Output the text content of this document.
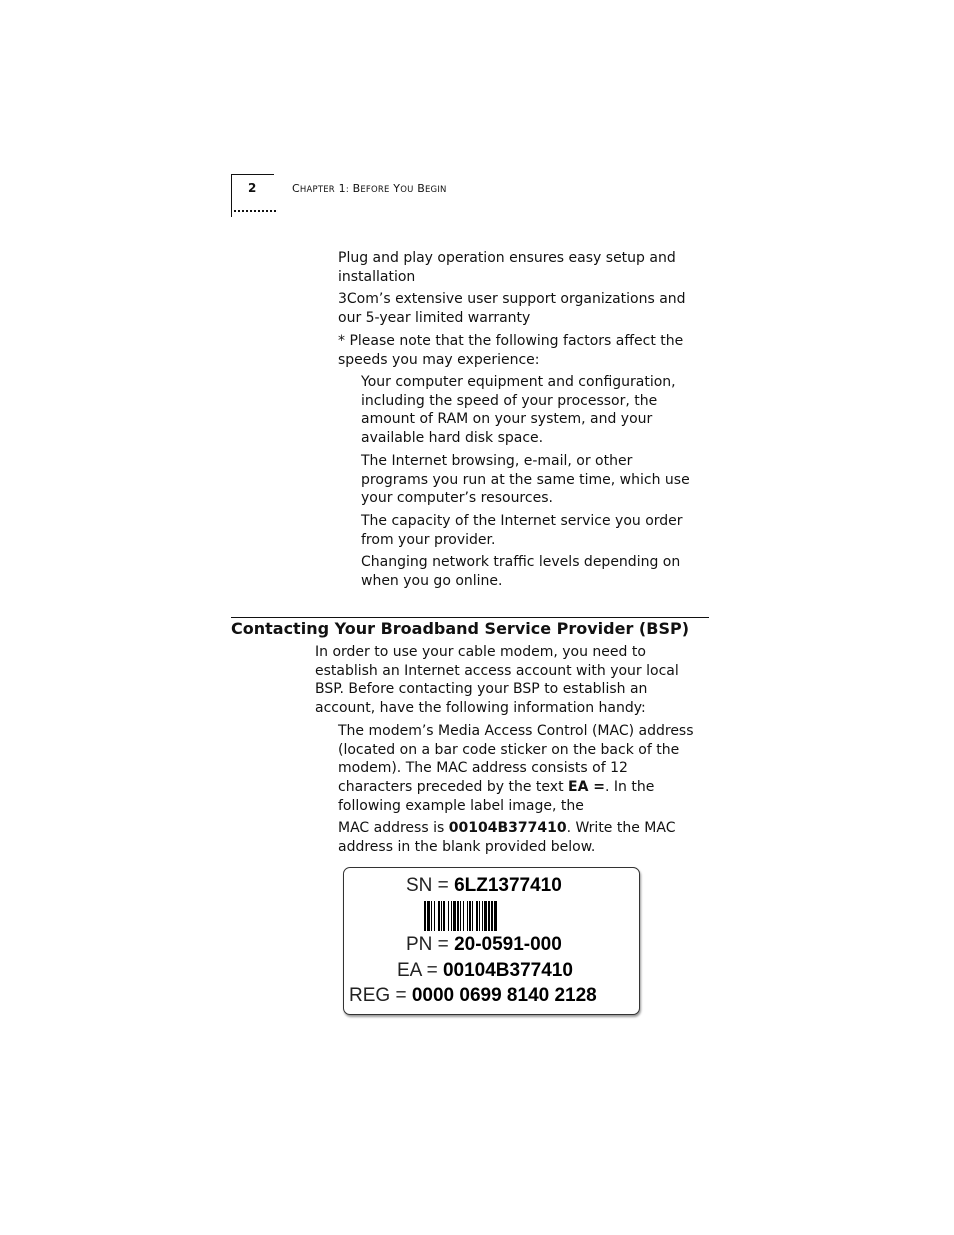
2	CHAPTER 1: BEFORE YOU BEGIN

Plug and play operation ensures easy setup and installation

3Com’s extensive user support organizations and our 5-year limited warranty

* Please note that the following factors affect the speeds you may experience:

Your computer equipment and configuration, including the speed of your processor, the amount of RAM on your system, and your available hard disk space.

The Internet browsing, e-mail, or other programs you run at the same time, which use your computer’s resources.

The capacity of the Internet service you order from your provider.

Changing network traffic levels depending on when you go online.

Contacting Your Broadband Service Provider (BSP)

In order to use your cable modem, you need to establish an Internet access account with your local BSP. Before contacting your BSP to establish an account, have the following information handy:

The modem’s Media Access Control (MAC) address (located on a bar code sticker on the back of the modem). The MAC address consists of 12 characters preceded by the text EA =. In the following example label image, the

MAC address is 00104B377410. Write the MAC address in the blank provided below.

SN = 6LZ1377410
PN = 20-0591-000
EA = 00104B377410
REG = 0000 0699 8140 2128
